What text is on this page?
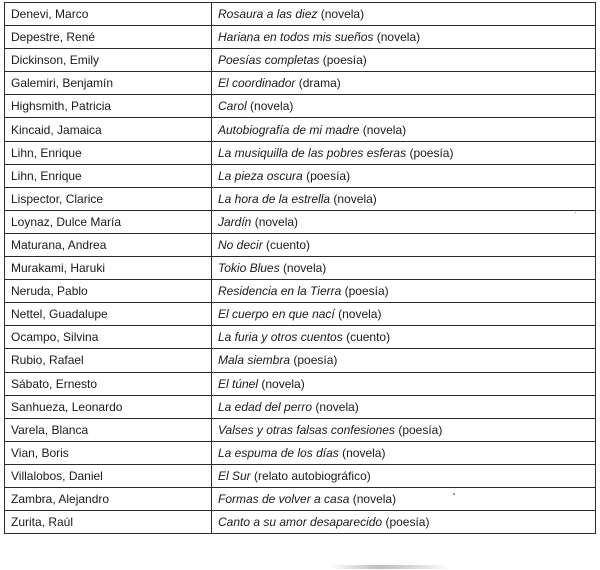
Denevi, Marco	Rosaura a las diez (novela)
Depestre, René	Hariana en todos mis sueños (novela)
Dickinson, Emily	Poesías completas (poesía)
Galemiri, Benjamín	El coordinador (drama)
Highsmith, Patricia	Carol (novela)
Kincaid, Jamaica	Autobiografía de mi madre (novela)
Lihn, Enrique	La musiquilla de las pobres esferas (poesía)
Lihn, Enrique	La pieza oscura (poesía)
Lispector, Clarice	La hora de la estrella (novela)
Loynaz, Dulce María	Jardín (novela)
Maturana, Andrea	No decir (cuento)
Murakami, Haruki	Tokio Blues (novela)
Neruda, Pablo	Residencia en la Tierra (poesía)
Nettel, Guadalupe	El cuerpo en que nací (novela)
Ocampo, Silvina	La furia y otros cuentos (cuento)
Rubio, Rafael	Mala siembra (poesía)
Sábato, Ernesto	El túnel (novela)
Sanhueza, Leonardo	La edad del perro (novela)
Varela, Blanca	Valses y otras falsas confesiones (poesía)
Vian, Boris	La espuma de los días (novela)
Villalobos, Daniel	El Sur (relato autobiográfico)
Zambra, Alejandro	Formas de volver a casa (novela)
Zurita, Raúl	Canto a su amor desaparecido (poesía)
